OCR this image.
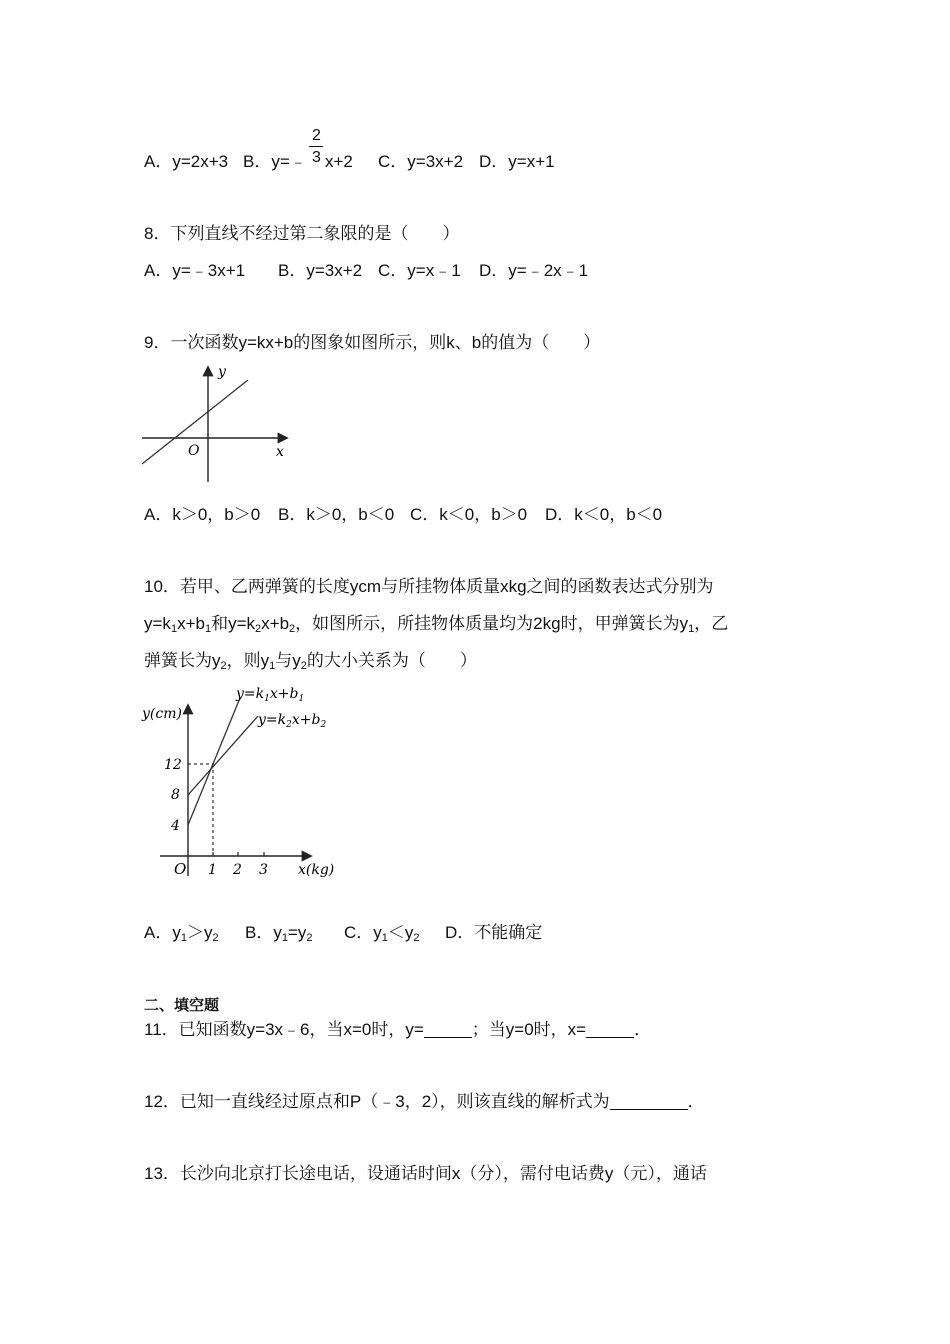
A．y=2x+3 B．y=﹣
2
3 x+2 C．y=3x+2 D．y=x+1
8．下列直线不经过第二象限的是（　　）
A．y=﹣3x+1 B．y=3x+2 C．y=x﹣1 D．y=﹣2x﹣1
9．一次函数y=kx+b的图象如图所示，则k、b的值为（　　）
y
x
O
A．k＞0，b＞0 B．k＞0，b＜0 C．k＜0，b＞0 D．k＜0，b＜0
10．若甲、乙两弹簧的长度ycm与所挂物体质量xkg之间的函数表达式分别为
$y=k_1x+b_1$和$y=k_2x+b_2$，如图所示，所挂物体质量均为2kg时，甲弹簧长为$y_1$，乙
弹簧长为$y_2$，则$y_1$与$y_2$的大小关系为（　　）
12
8
4
1 2 3
O
y(cm)
x(kg)
$y=k_1x+b_1$
$y=k_2x+b_2$
A．$y_1>y_2$ B．$y_1=y_2$ C．$y_1<y_2$ D．不能确定
二、填空题
11．已知函数y=3x﹣6，当x=0时，y=	；当y=0时，x=	．
12．已知一直线经过原点和P（﹣3，2），则该直线的解析式为	．
13．长沙向北京打长途电话，设通话时间x（分），需付电话费y（元），通话
